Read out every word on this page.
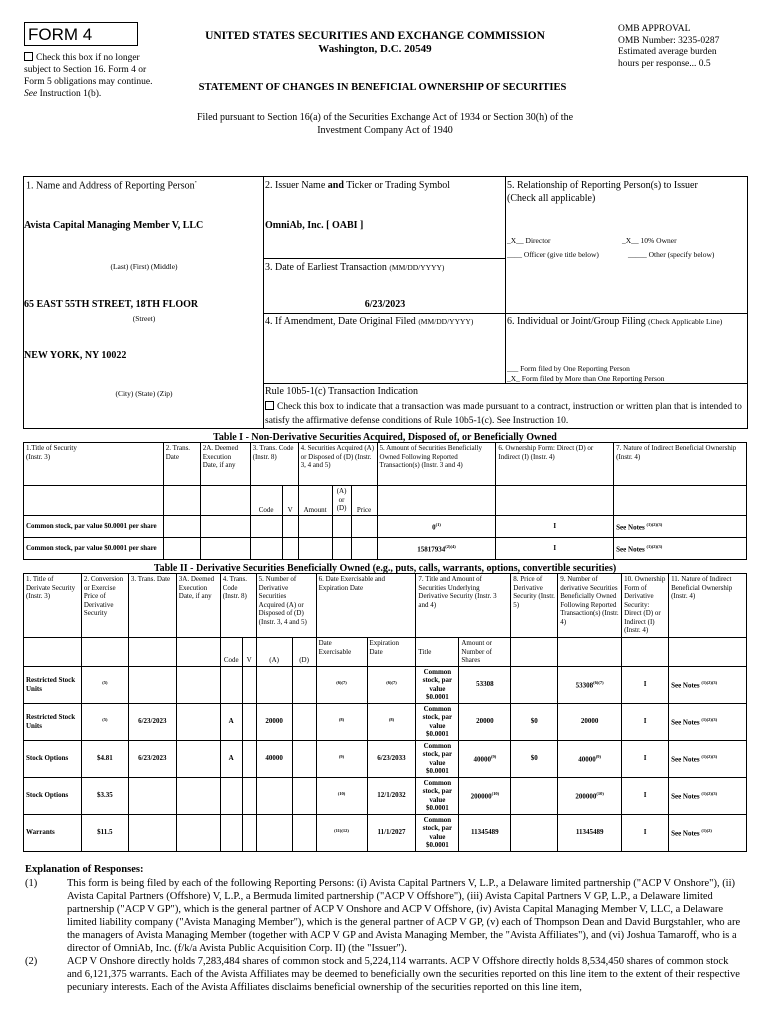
FORM 4
Check this box if no longer subject to Section 16. Form 4 or Form 5 obligations may continue. See Instruction 1(b).
UNITED STATES SECURITIES AND EXCHANGE COMMISSION
Washington, D.C. 20549
STATEMENT OF CHANGES IN BENEFICIAL OWNERSHIP OF SECURITIES
OMB APPROVAL
OMB Number: 3235-0287
Estimated average burden
hours per response... 0.5
Filed pursuant to Section 16(a) of the Securities Exchange Act of 1934 or Section 30(h) of the
Investment Company Act of 1940
1. Name and Address of Reporting Person*
Avista Capital Managing Member V, LLC
(Last) (First) (Middle)
65 EAST 55TH STREET, 18TH FLOOR
(Street)
NEW YORK, NY 10022
(City) (State) (Zip)
2. Issuer Name and Ticker or Trading Symbol
OmniAb, Inc. [ OABI ]
3. Date of Earliest Transaction (MM/DD/YYYY)
6/23/2023
4. If Amendment, Date Original Filed (MM/DD/YYYY)
5. Relationship of Reporting Person(s) to Issuer
(Check all applicable)
_X__ Director	_X__ 10% Owner
____ Officer (give title below)	_____ Other (specify below)
6. Individual or Joint/Group Filing (Check Applicable Line)
___ Form filed by One Reporting Person
_X_ Form filed by More than One Reporting Person
Rule 10b5-1(c) Transaction Indication
Check this box to indicate that a transaction was made pursuant to a contract, instruction or written plan that is intended to satisfy the affirmative defense conditions of Rule 10b5-1(c). See Instruction 10.
Table I - Non-Derivative Securities Acquired, Disposed of, or Beneficially Owned
1.Title of Security
(Instr. 3)	2. Trans. Date	2A. Deemed Execution Date, if any	3. Trans. Code (Instr. 8)		4. Securities Acquired (A) or Disposed of (D) (Instr. 3, 4 and 5)			5. Amount of Securities Beneficially Owned Following Reported Transaction(s) (Instr. 3 and 4)	6. Ownership Form: Direct (D) or Indirect (I) (Instr. 4)	7. Nature of Indirect Beneficial Ownership (Instr. 4)
			Code	V	Amount	(A) or (D)	Price			
Common stock, par value $0.0001 per share								0$^{(1)}$	I	See Notes $^{(1)(2)(3)}$
Common stock, par value $0.0001 per share								$15817934^{(2)(4)}$	I	See Notes $^{(1)(2)(3)}$
Table II - Derivative Securities Beneficially Owned (e.g., puts, calls, warrants, options, convertible securities)
1. Title of Derivate Security (Instr. 3)	2. Conversion or Exercise Price of Derivative Security	3. Trans. Date	3A. Deemed Execution Date, if any	4. Trans. Code (Instr. 8)		5. Number of Derivative Securities Acquired (A) or Disposed of (D) (Instr. 3, 4 and 5)		6. Date Exercisable and Expiration Date		7. Title and Amount of Securities Underlying Derivative Security (Instr. 3 and 4)		8. Price of Derivative Security (Instr. 5)	9. Number of derivative Securities Beneficially Owned Following Reported Transaction(s) (Instr. 4)	10. Ownership Form of Derivative Security: Direct (D) or Indirect (I) (Instr. 4)	11. Nature of Indirect Beneficial Ownership (Instr. 4)
				Code	V	(A)	(D)	Date Exercisable	Expiration Date	Title	Amount or Number of Shares				
Restricted Stock Units	$^{(5)}$							$^{(6)(7)}$	$^{(6)(7)}$	Common stock, par value $0.0001	53308		$53308^{(6)(7)}$	I	See Notes $^{(1)(2)(3)}$
Restricted Stock Units	$^{(5)}$	6/23/2023		A		20000		$^{(8)}$	$^{(8)}$	Common stock, par value $0.0001	20000	$0	20000	I	See Notes $^{(1)(2)(3)}$
Stock Options	$4.81	6/23/2023		A		40000		$^{(9)}$	6/23/2033	Common stock, par value $0.0001	40000$^{(9)}$	$0	40000$^{(9)}$	I	See Notes $^{(1)(2)(3)}$
Stock Options	$3.35							$^{(10)}$	12/1/2032	Common stock, par value $0.0001	200000$^{(10)}$		200000$^{(10)}$	I	See Notes $^{(1)(2)(3)}$
Warrants	$11.5							$^{(11)(12)}$	11/1/2027	Common stock, par value $0.0001	11345489		11345489	I	See Notes $^{(1)(2)}$
Explanation of Responses:
(1)	This form is being filed by each of the following Reporting Persons: (i) Avista Capital Partners V, L.P., a Delaware limited partnership ("ACP V Onshore"), (ii) Avista Capital Partners (Offshore) V, L.P., a Bermuda limited partnership ("ACP V Offshore"), (iii) Avista Capital Partners V GP, L.P., a Delaware limited partnership ("ACP V GP"), which is the general partner of ACP V Onshore and ACP V Offshore, (iv) Avista Capital Managing Member V, LLC, a Delaware limited liability company ("Avista Managing Member"), which is the general partner of ACP V GP, (v) each of Thompson Dean and David Burgstahler, who are the managers of Avista Managing Member (together with ACP V GP and Avista Managing Member, the "Avista Affiliates"), and (vi) Joshua Tamaroff, who is a director of OmniAb, Inc. (f/k/a Avista Public Acquisition Corp. II) (the "Issuer").
(2)	ACP V Onshore directly holds 7,283,484 shares of common stock and 5,224,114 warrants. ACP V Offshore directly holds 8,534,450 shares of common stock and 6,121,375 warrants. Each of the Avista Affiliates may be deemed to beneficially own the securities reported on this line item to the extent of their respective pecuniary interests. Each of the Avista Affiliates disclaims beneficial ownership of the securities reported on this line item,
